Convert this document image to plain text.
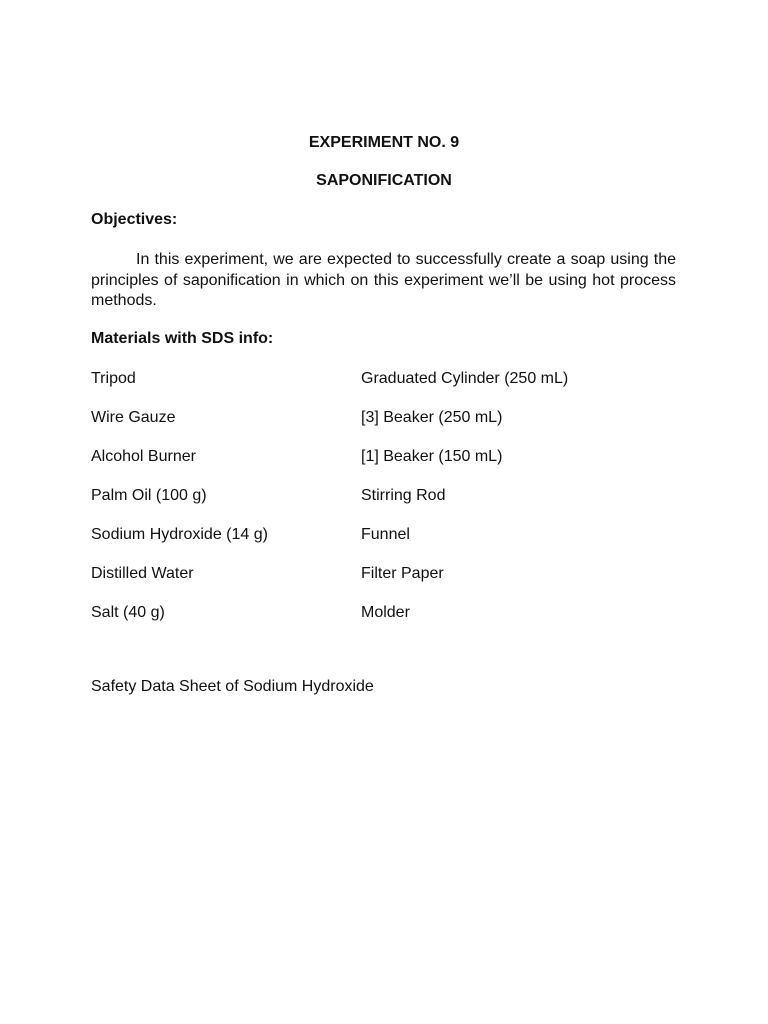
EXPERIMENT NO. 9
SAPONIFICATION
Objectives:

In this experiment, we are expected to successfully create a soap using the principles of saponification in which on this experiment we’ll be using hot process methods.

Materials with SDS info:
Tripod	Graduated Cylinder (250 mL)
Wire Gauze	[3] Beaker (250 mL)
Alcohol Burner	[1] Beaker (150 mL)
Palm Oil (100 g)	Stirring Rod
Sodium Hydroxide (14 g)	Funnel
Distilled Water	Filter Paper
Salt (40 g)	Molder
Safety Data Sheet of Sodium Hydroxide
